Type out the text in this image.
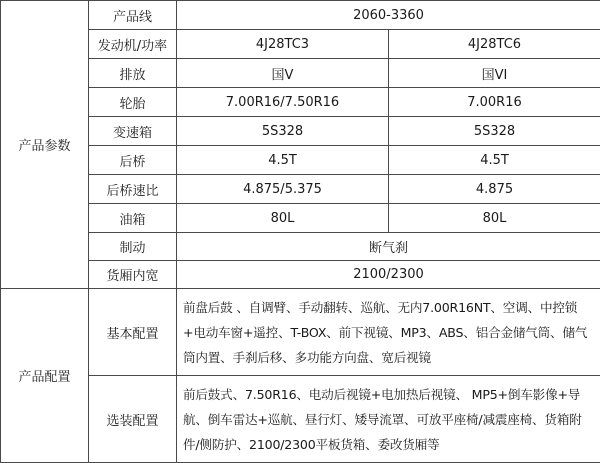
产品参数	产品线	2060-3360	
	发动机/功率	4J28TC3	4J28TC6
	排放	国V	国VI
	轮胎	7.00R16/7.50R16	7.00R16
	变速箱	5S328	5S328
	后桥	4.5T	4.5T
	后桥速比	4.875/5.375	4.875
	油箱	80L	80L
	制动	断气刹	
	货厢内宽	2100/2300	
产品配置	基本配置	前盘后鼓 、自调臂、手动翻转、巡航、无内7.00R16NT、空调、中控锁+电动车窗+遥控、T-BOX、前下视镜、MP3、ABS、铝合金储气筒、储气筒内置、手刹后移、多功能方向盘、宽后视镜	
	选装配置	前后鼓式、7.50R16、电动后视镜+电加热后视镜、 MP5+倒车影像+导航、倒车雷达+巡航、昼行灯、矮导流罩、可放平座椅/减震座椅、货箱附件/侧防护、2100/2300平板货箱、委改货厢等	
